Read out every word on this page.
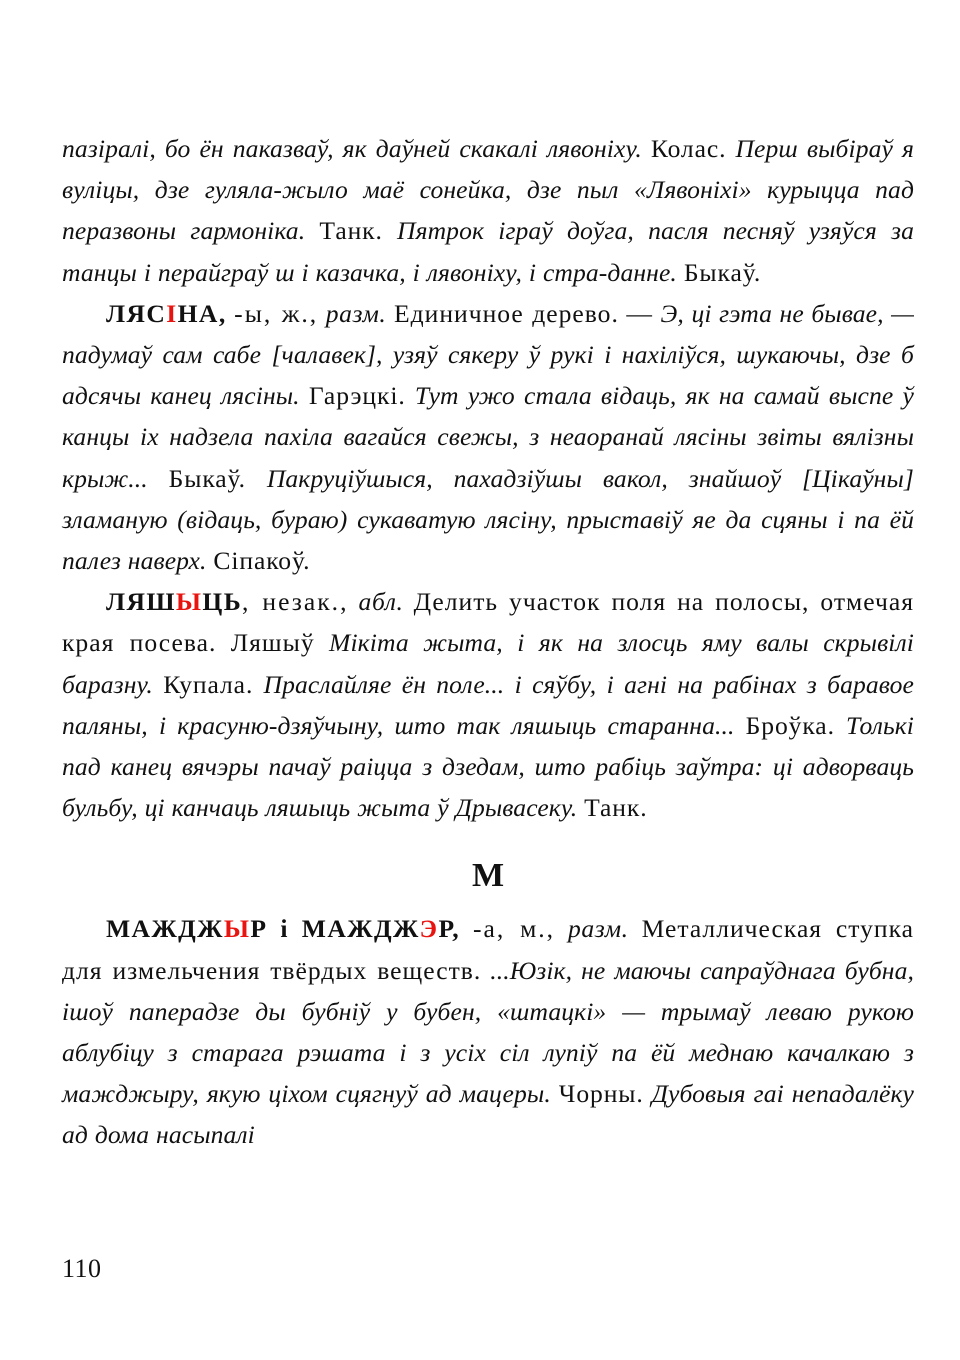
пазіралі, бо ён паказваў, як даўней скакалі лявоніху. Колас. Перш выбіраў я вуліцы, дзе гуляла-жыло маё сонейка, дзе пыл «Лявоніхі» курыцца пад перазвоны гармоніка. Танк. Пятрок іграў доўга, пасля песняў узяўся за танцы і перайграў ш і казачка, і лявоніху, і стра-данне. Быкаў.

ЛЯСІНА, -ы, ж., разм. Единичное дерево. — Э, ці гэта не бывае, — падумаў сам сабе [чалавек], узяў сякеру ў рукі і нахіліўся, шукаючы, дзе б адсячы канец лясіны. Гарэцкі. Тут ужо стала відаць, як на самай выспе ў канцы іх надзела пахіла вагайся свежы, з неаоранай лясіны звіты вялізны крыж... Быкаў. Пакруціўшыся, пахадзіўшы вакол, знайшоў [Цікаўны] зламаную (відаць, бураю) сукаватую лясіну, прыставіў яе да сцяны і па ёй палез наверх. Сіпакоў.

ЛЯШЫЦЬ, незак., абл. Делить участок поля на полосы, отмечая края посева. Ляшыў Мікіта жыта, і як на злосць яму валы скрывілі баразну. Купала. Праслайляе ён поле... і сяўбу, і агні на рабінах з баравое паляны, і красуню-дзяўчыну, што так ляшыць старанна... Броўка. Толькі пад канец вячэры пачаў раіцца з дзедам, што рабіць заўтра: ці адворваць бульбу, ці канчаць ляшыць жыта ў Дрывасеку. Танк.

М

МАЖДЖЫР і МАЖДЖЭР, -а, м., разм. Металлическая ступка для измельчения твёрдых веществ. ...Юзік, не маючы сапраўднага бубна, ішоў паперадзе ды бубніў у бубен, «штацкі» — трымаў леваю рукою аблубіцу з старага рэшата і з усіх сіл лупіў па ёй меднаю качалкаю з мажджыру, якую ціхом сцягнуў ад мацеры. Чорны. Дубовыя гаі непадалёку ад дома насыпалі

110
